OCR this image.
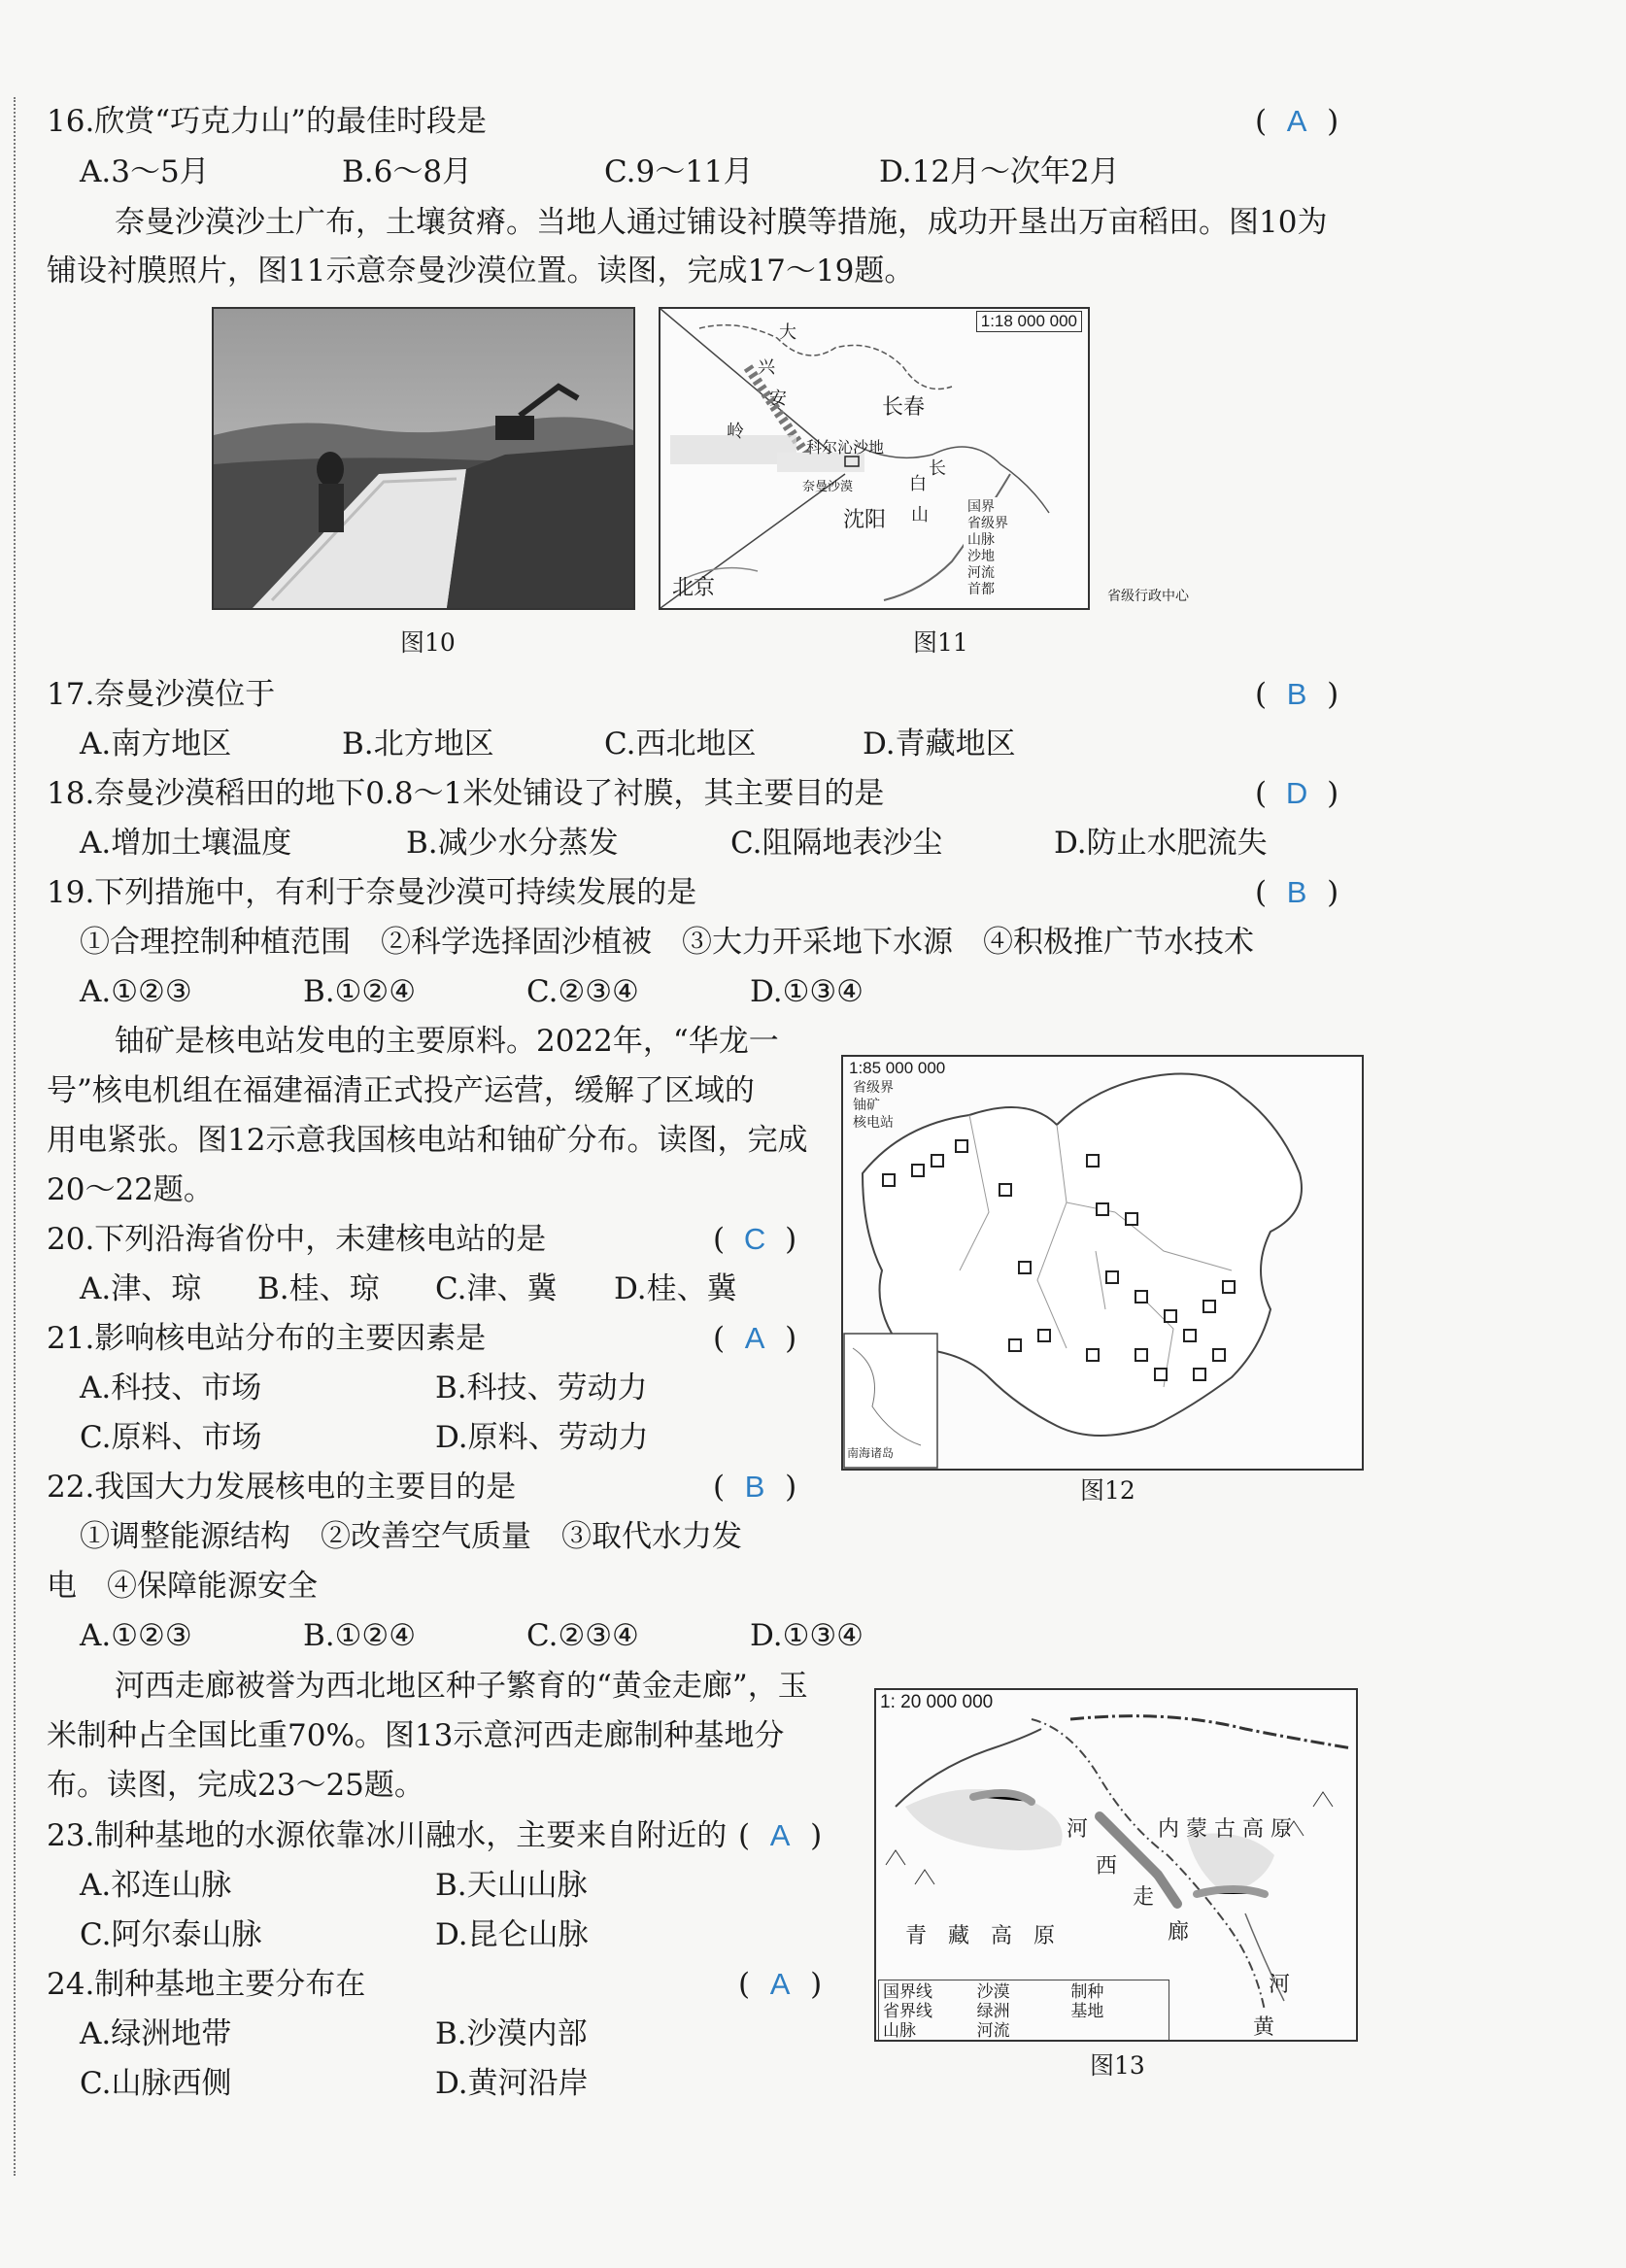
16.欣赏“巧克力山”的最佳时段是	( A )
A.3～5月	B.6～8月	C.9～11月	D.12月～次年2月
奈曼沙漠沙土广布，土壤贫瘠。当地人通过铺设衬膜等措施，成功开垦出万亩稻田。图10为
铺设衬膜照片，图11示意奈曼沙漠位置。读图，完成17～19题。
图10
1:18 000 000
长春
沈阳
北京
科尔沁沙地
奈曼沙漠
大
兴
安
岭
白
长
山	国界
省级界
山脉
沙地
河流
首都	省级行政中心
图11
17.奈曼沙漠位于	( B )
A.南方地区	B.北方地区	C.西北地区	D.青藏地区
18.奈曼沙漠稻田的地下0.8～1米处铺设了衬膜，其主要目的是	( D )
A.增加土壤温度	B.减少水分蒸发	C.阻隔地表沙尘	D.防止水肥流失
19.下列措施中，有利于奈曼沙漠可持续发展的是	( B )
①合理控制种植范围　②科学选择固沙植被　③大力开采地下水源　④积极推广节水技术
A.①②③	B.①②④	C.②③④	D.①③④
铀矿是核电站发电的主要原料。2022年，“华龙一
号”核电机组在福建福清正式投产运营，缓解了区域的
用电紧张。图12示意我国核电站和铀矿分布。读图，完成
20～22题。
1:85 000 000
省级界
铀矿
核电站
南海诸岛
图12
20.下列沿海省份中，未建核电站的是	( C )
A.津、琼 B.桂、琼 C.津、冀 D.桂、冀
21.影响核电站分布的主要因素是	( A )
A.科技、市场	B.科技、劳动力
C.原料、市场	D.原料、劳动力
22.我国大力发展核电的主要目的是	( B )
①调整能源结构　②改善空气质量　③取代水力发
电　④保障能源安全
A.①②③	B.①②④	C.②③④	D.①③④
河西走廊被誉为西北地区种子繁育的“黄金走廊”，玉
米制种占全国比重70%。图13示意河西走廊制种基地分
布。读图，完成23～25题。
1: 20 000 000
河
西
走
廊
内 蒙 古 高 原
青　藏　高　原
河
黄
国界线	沙漠	制种
省界线	绿洲	基地
山脉	河流
图13
23.制种基地的水源依靠冰川融水，主要来自附近的 ( A )
A.祁连山脉	B.天山山脉
C.阿尔泰山脉	D.昆仑山脉
24.制种基地主要分布在	( A )
A.绿洲地带	B.沙漠内部
C.山脉西侧	D.黄河沿岸
